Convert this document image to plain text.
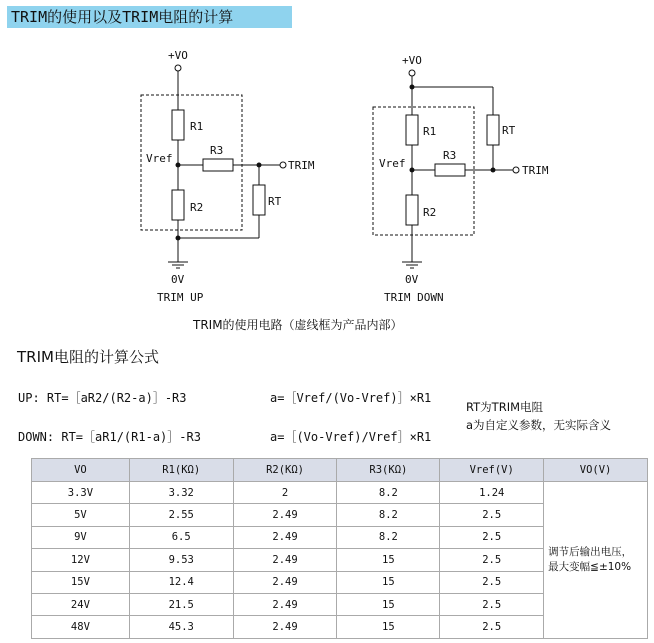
TRIM的使用以及TRIM电阻的计算
+VO
R1
R2
R3
RT
Vref
TRIM
0V
TRIM UP
+VO
R1
R2
R3
RT
Vref
TRIM
0V
TRIM DOWN
TRIM的使用电路（虚线框为产品内部）
TRIM电阻的计算公式
UP: RT=［aR2/(R2-a)］-R3	a=［Vref/(Vo-Vref)］×R1
DOWN: RT=［aR1/(R1-a)］-R3	a=［(Vo-Vref)/Vref］×R1
RT为TRIM电阻
a为自定义参数，无实际含义
VO	R1(KΩ)	R2(KΩ)	R3(KΩ)	Vref(V)	VO(V)
3.3V	3.32	2	8.2	1.24	调节后输出电压，
最大变幅≦±10%

5V	2.55	2.49	8.2	2.5	
9V	6.5	2.49	8.2	2.5	
12V	9.53	2.49	15	2.5	
15V	12.4	2.49	15	2.5	
24V	21.5	2.49	15	2.5	
48V	45.3	2.49	15	2.5	
